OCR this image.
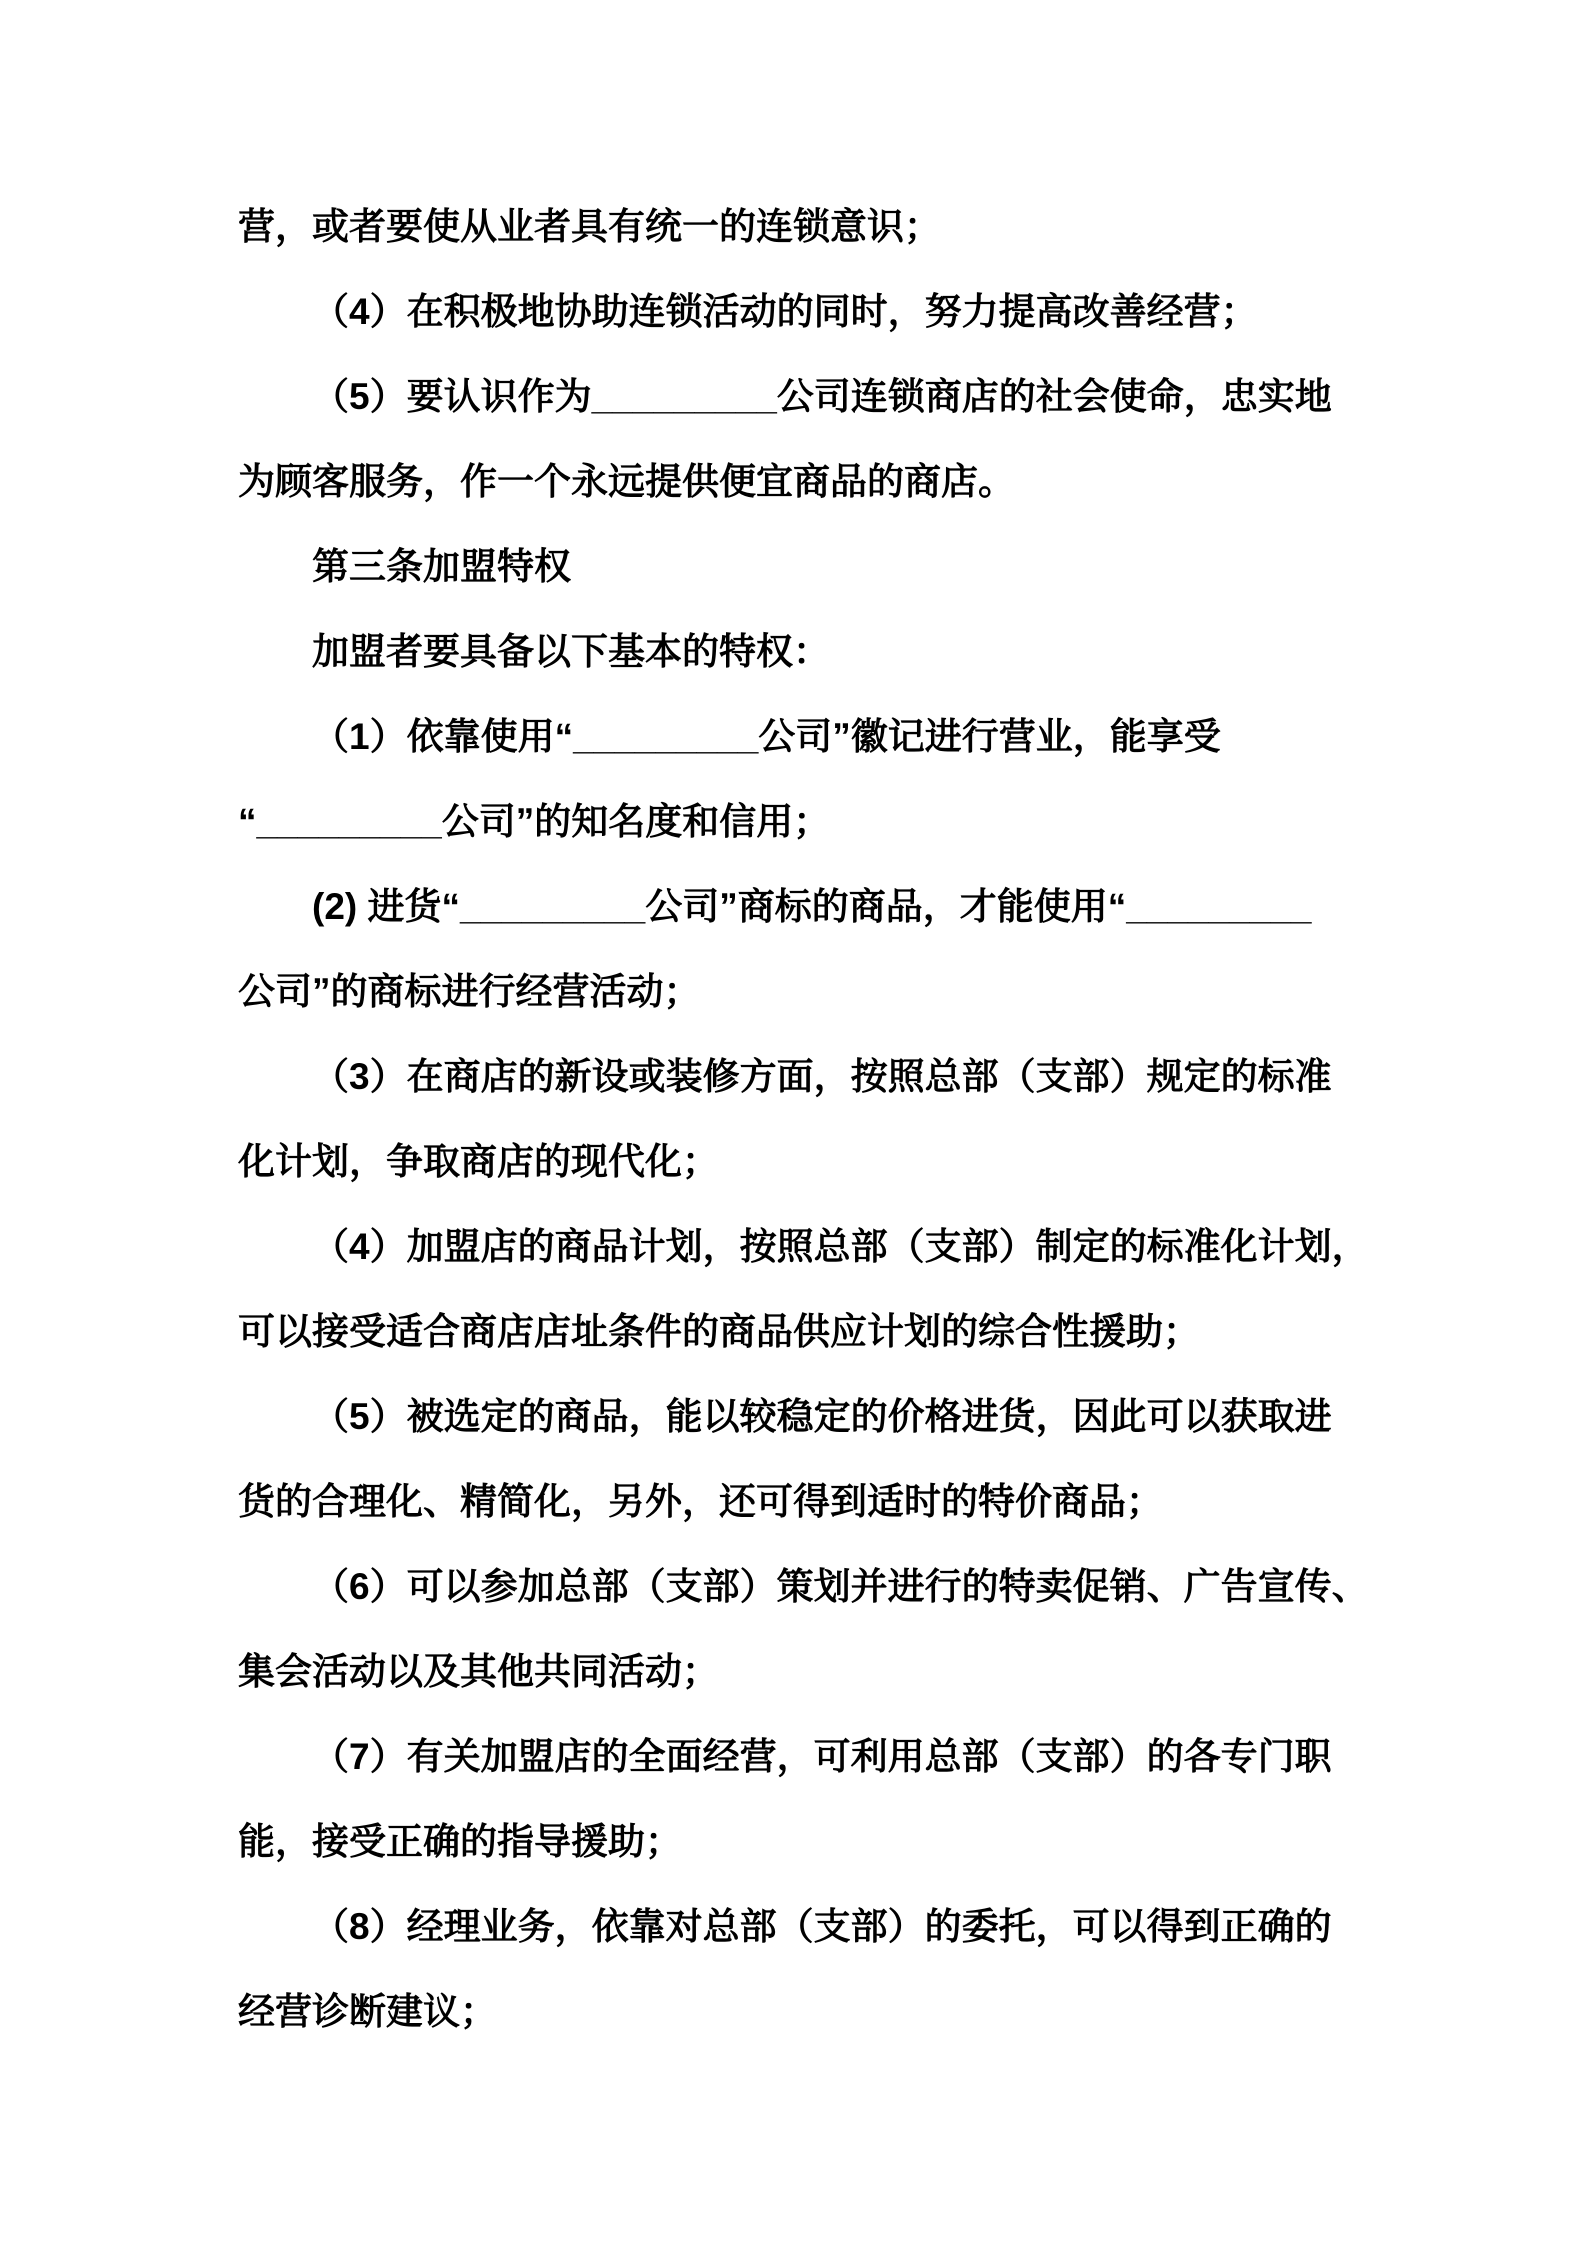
营，或者要使从业者具有统一的连锁意识；
（4）在积极地协助连锁活动的同时，努力提高改善经营；
（5）要认识作为_________公司连锁商店的社会使命，忠实地
为顾客服务，作一个永远提供便宜商品的商店。
第三条加盟特权
加盟者要具备以下基本的特权：
（1）依靠使用“_________公司”徽记进行营业，能享受
“_________公司”的知名度和信用；
(2) 进货“_________公司”商标的商品，才能使用“_________
公司”的商标进行经营活动；
（3）在商店的新设或装修方面，按照总部（支部）规定的标准
化计划，争取商店的现代化；
（4）加盟店的商品计划，按照总部（支部）制定的标准化计划，
可以接受适合商店店址条件的商品供应计划的综合性援助；
（5）被选定的商品，能以较稳定的价格进货，因此可以获取进
货的合理化、精简化，另外，还可得到适时的特价商品；
（6）可以参加总部（支部）策划并进行的特卖促销、广告宣传、
集会活动以及其他共同活动；
（7）有关加盟店的全面经营，可利用总部（支部）的各专门职
能，接受正确的指导援助；
（8）经理业务，依靠对总部（支部）的委托，可以得到正确的
经营诊断建议；
